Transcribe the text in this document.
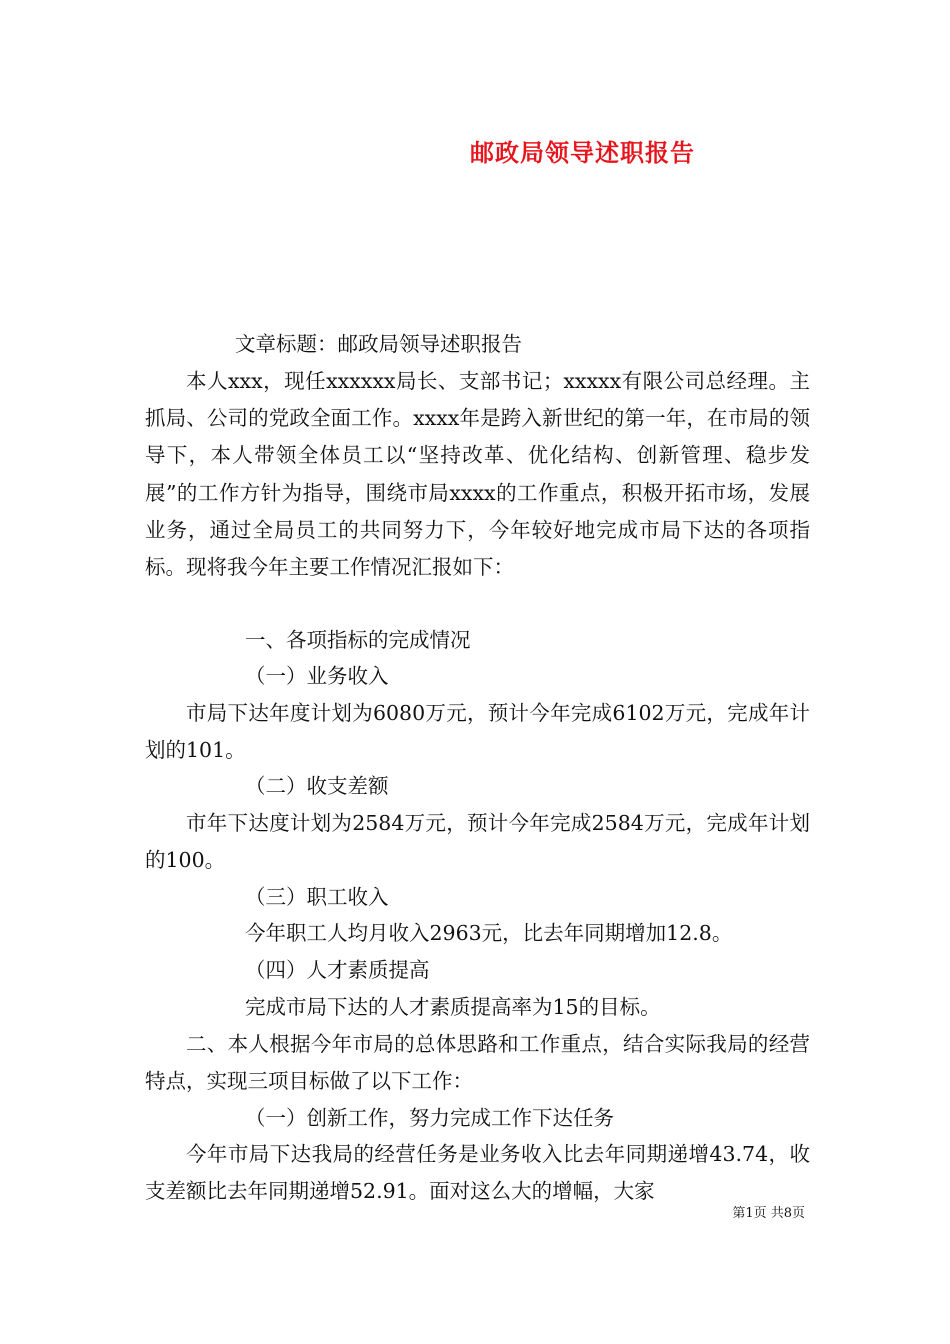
邮政局领导述职报告
文章标题：邮政局领导述职报告

本人xxx，现任xxxxxx局长、支部书记；xxxxx有限公司总经理。主抓局、公司的党政全面工作。xxxx年是跨入新世纪的第一年，在市局的领导下，本人带领全体员工以“坚持改革、优化结构、创新管理、稳步发展”的工作方针为指导，围绕市局xxxx的工作重点，积极开拓市场，发展业务，通过全局员工的共同努力下，今年较好地完成市局下达的各项指标。现将我今年主要工作情况汇报如下：

一、各项指标的完成情况
（一）业务收入

市局下达年度计划为6080万元，预计今年完成6102万元，完成年计划的101。

（二）收支差额

市年下达度计划为2584万元，预计今年完成2584万元，完成年计划的100。

（三）职工收入
今年职工人均月收入2963元，比去年同期增加12.8。
（四）人才素质提高
完成市局下达的人才素质提高率为15的目标。

二、本人根据今年市局的总体思路和工作重点，结合实际我局的经营特点，实现三项目标做了以下工作：

（一）创新工作，努力完成工作下达任务

今年市局下达我局的经营任务是业务收入比去年同期递增43.74，收支差额比去年同期递增52.91。面对这么大的增幅，大家

第1页 共8页
